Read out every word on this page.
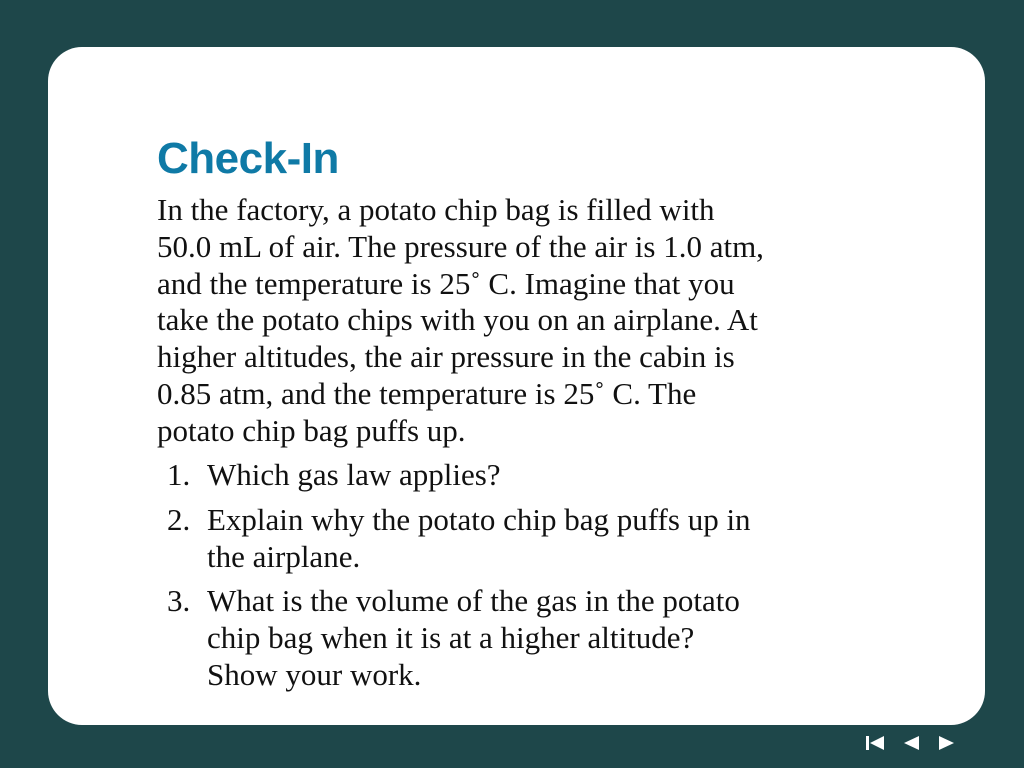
Check-In

In the factory, a potato chip bag is filled with
50.0 mL of air. The pressure of the air is 1.0 atm,
and the temperature is 25˚ C. Imagine that you
take the potato chips with you on an airplane. At
higher altitudes, the air pressure in the cabin is
0.85 atm, and the temperature is 25˚ C. The
potato chip bag puffs up.

1. Which gas law applies?
2. Explain why the potato chip bag puffs up in
the airplane.
3. What is the volume of the gas in the potato
chip bag when it is at a higher altitude?
Show your work.
